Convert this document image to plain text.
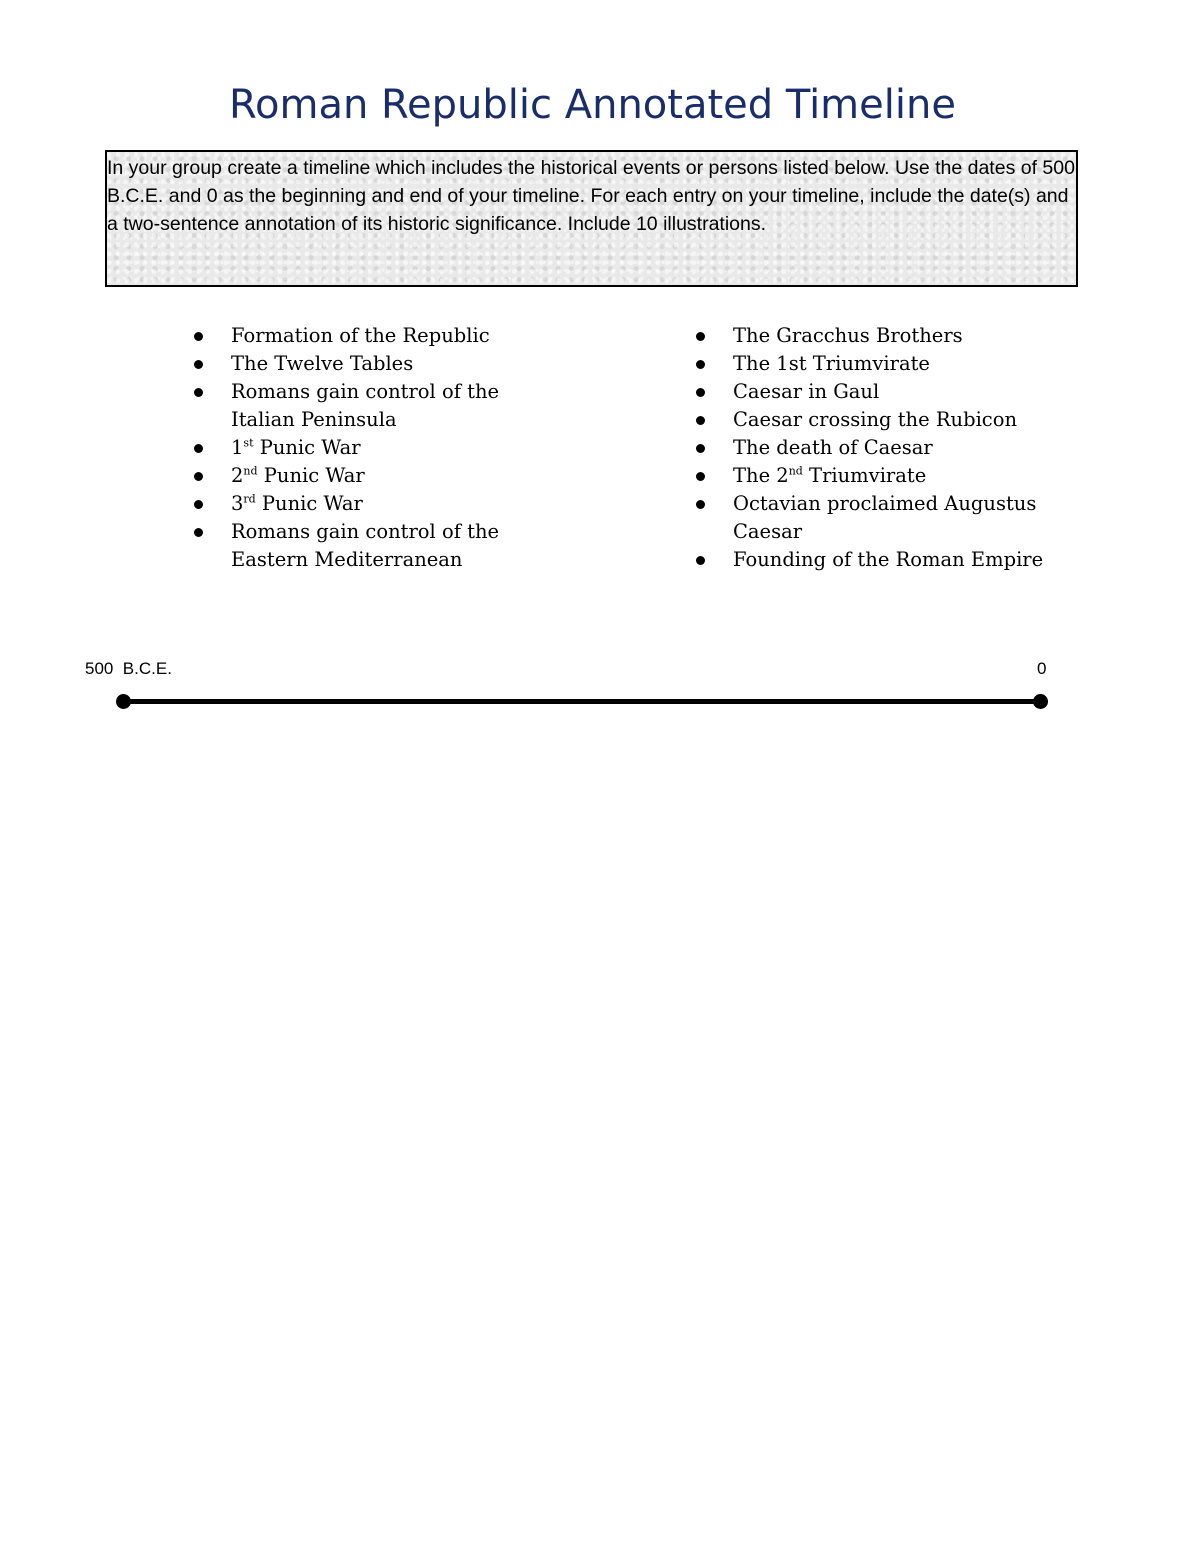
Roman Republic Annotated Timeline

In your group create a timeline which includes the historical events or persons listed below. Use the dates of 500 B.C.E. and 0 as the beginning and end of your timeline. For each entry on your timeline, include the date(s) and a two-sentence annotation of its historic significance. Include 10 illustrations.

Formation of the Republic
The Twelve Tables
Romans gain control of the
Italian Peninsula
1st Punic War
2nd Punic War
3rd Punic War
Romans gain control of the
Eastern Mediterranean
The Gracchus Brothers
The 1st Triumvirate
Caesar in Gaul
Caesar crossing the Rubicon
The death of Caesar
The 2nd Triumvirate
Octavian proclaimed Augustus
Caesar
Founding of the Roman Empire
500  B.C.E.	0
